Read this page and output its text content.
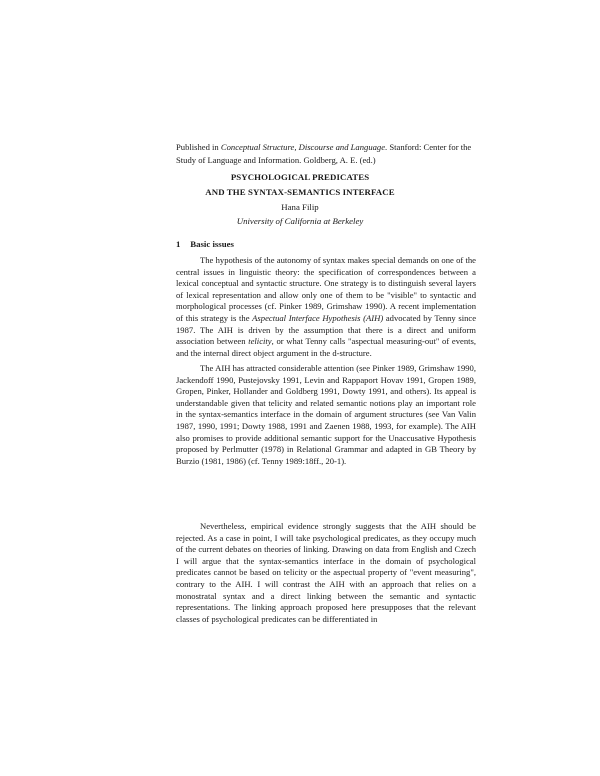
Published in Conceptual Structure, Discourse and Language. Stanford: Center for the Study of Language and Information. Goldberg, A. E. (ed.)
PSYCHOLOGICAL PREDICATES
AND THE SYNTAX-SEMANTICS INTERFACE
Hana Filip
University of California at Berkeley
1 Basic issues

The hypothesis of the autonomy of syntax makes special demands on one of the central issues in linguistic theory: the specification of correspondences between a lexical conceptual and syntactic structure. One strategy is to distinguish several layers of lexical representation and allow only one of them to be "visible" to syntactic and morphological processes (cf. Pinker 1989, Grimshaw 1990). A recent implementation of this strategy is the Aspectual Interface Hypothesis (AIH) advocated by Tenny since 1987. The AIH is driven by the assumption that there is a direct and uniform association between telicity, or what Tenny calls "aspectual measuring-out" of events, and the internal direct object argument in the d-structure.

The AIH has attracted considerable attention (see Pinker 1989, Grimshaw 1990, Jackendoff 1990, Pustejovsky 1991, Levin and Rappaport Hovav 1991, Gropen 1989, Gropen, Pinker, Hollander and Goldberg 1991, Dowty 1991, and others). Its appeal is understandable given that telicity and related semantic notions play an important role in the syntax-semantics interface in the domain of argument structures (see Van Valin 1987, 1990, 1991; Dowty 1988, 1991 and Zaenen 1988, 1993, for example). The AIH also promises to provide additional semantic support for the Unaccusative Hypothesis proposed by Perlmutter (1978) in Relational Grammar and adapted in GB Theory by Burzio (1981, 1986) (cf. Tenny 1989:18ff., 20-1).

Nevertheless, empirical evidence strongly suggests that the AIH should be rejected. As a case in point, I will take psychological predicates, as they occupy much of the current debates on theories of linking. Drawing on data from English and Czech I will argue that the syntax-semantics interface in the domain of psychological predicates cannot be based on telicity or the aspectual property of "event measuring", contrary to the AIH. I will contrast the AIH with an approach that relies on a monostratal syntax and a direct linking between the semantic and syntactic representations. The linking approach proposed here presupposes that the relevant classes of psychological predicates can be differentiated in
